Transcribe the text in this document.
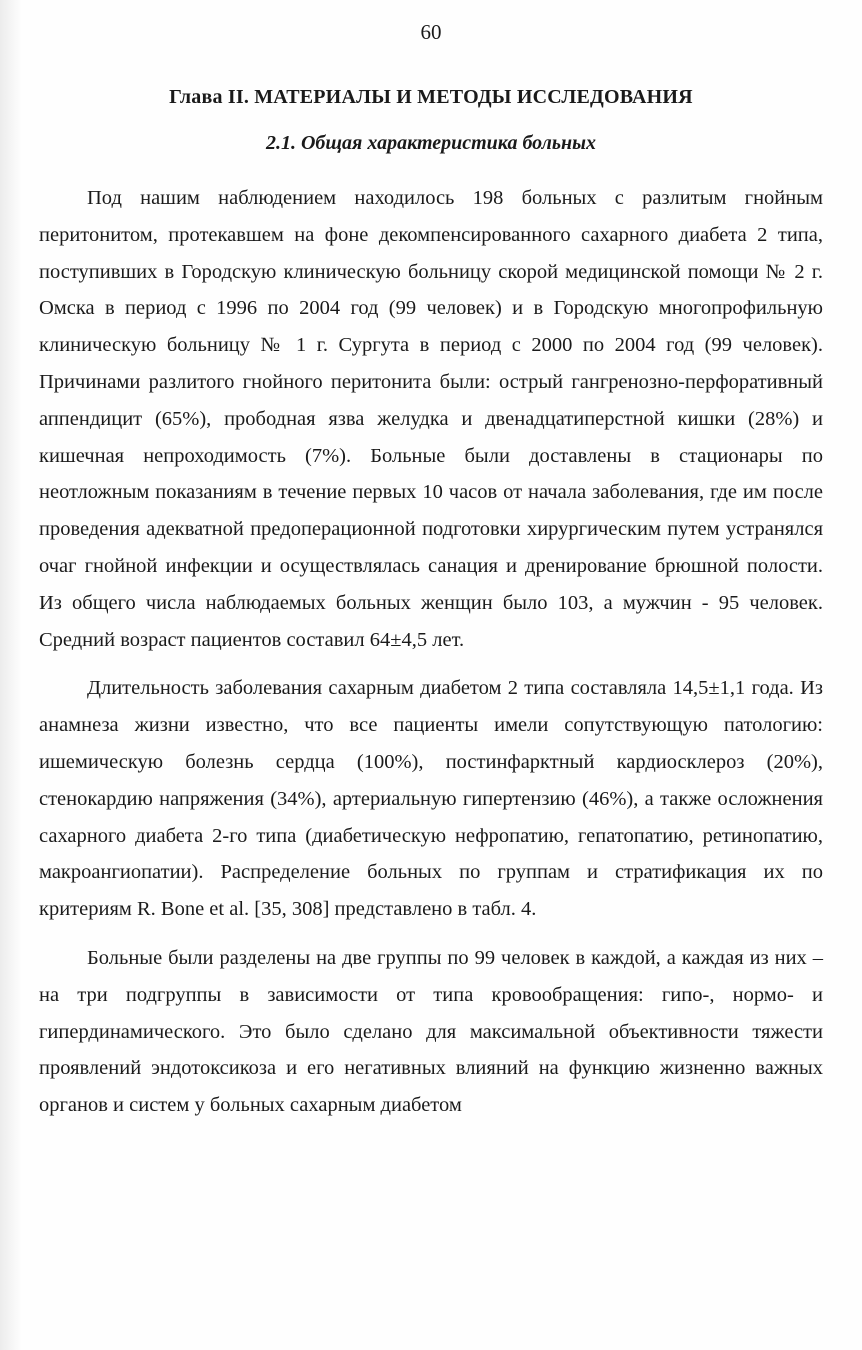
60
Глава II. МАТЕРИАЛЫ И МЕТОДЫ ИССЛЕДОВАНИЯ
2.1. Общая характеристика больных

Под нашим наблюдением находилось 198 больных с разлитым гнойным перитонитом, протекавшем на фоне декомпенсированного сахарного диабета 2 типа, поступивших в Городскую клиническую больницу скорой медицинской помощи № 2 г. Омска в период с 1996 по 2004 год (99 человек) и в Городскую многопрофильную клиническую больницу № 1 г. Сургута в период с 2000 по 2004 год (99 человек). Причинами разлитого гнойного перитонита были: острый гангренозно-перфоративный аппендицит (65%), прободная язва желудка и двенадцатиперстной кишки (28%) и кишечная непроходимость (7%). Больные были доставлены в стационары по неотложным показаниям в течение первых 10 часов от начала заболевания, где им после проведения адекватной предоперационной подготовки хирургическим путем устранялся очаг гнойной инфекции и осуществлялась санация и дренирование брюшной полости. Из общего числа наблюдаемых больных женщин было 103, а мужчин - 95 человек. Средний возраст пациентов составил 64±4,5 лет.

Длительность заболевания сахарным диабетом 2 типа составляла 14,5±1,1 года. Из анамнеза жизни известно, что все пациенты имели сопутствующую патологию: ишемическую болезнь сердца (100%), постинфарктный кардиосклероз (20%), стенокардию напряжения (34%), артериальную гипертензию (46%), а также осложнения сахарного диабета 2-го типа (диабетическую нефропатию, гепатопатию, ретинопатию, макроангиопатии). Распределение больных по группам и стратификация их по критериям R. Bone et al. [35, 308] представлено в табл. 4.

Больные были разделены на две группы по 99 человек в каждой, а каждая из них – на три подгруппы в зависимости от типа кровообращения: гипо-, нормо- и гипердинамического. Это было сделано для максимальной объективности тяжести проявлений эндотоксикоза и его негативных влияний на функцию жизненно важных органов и систем у больных сахарным диабетом
